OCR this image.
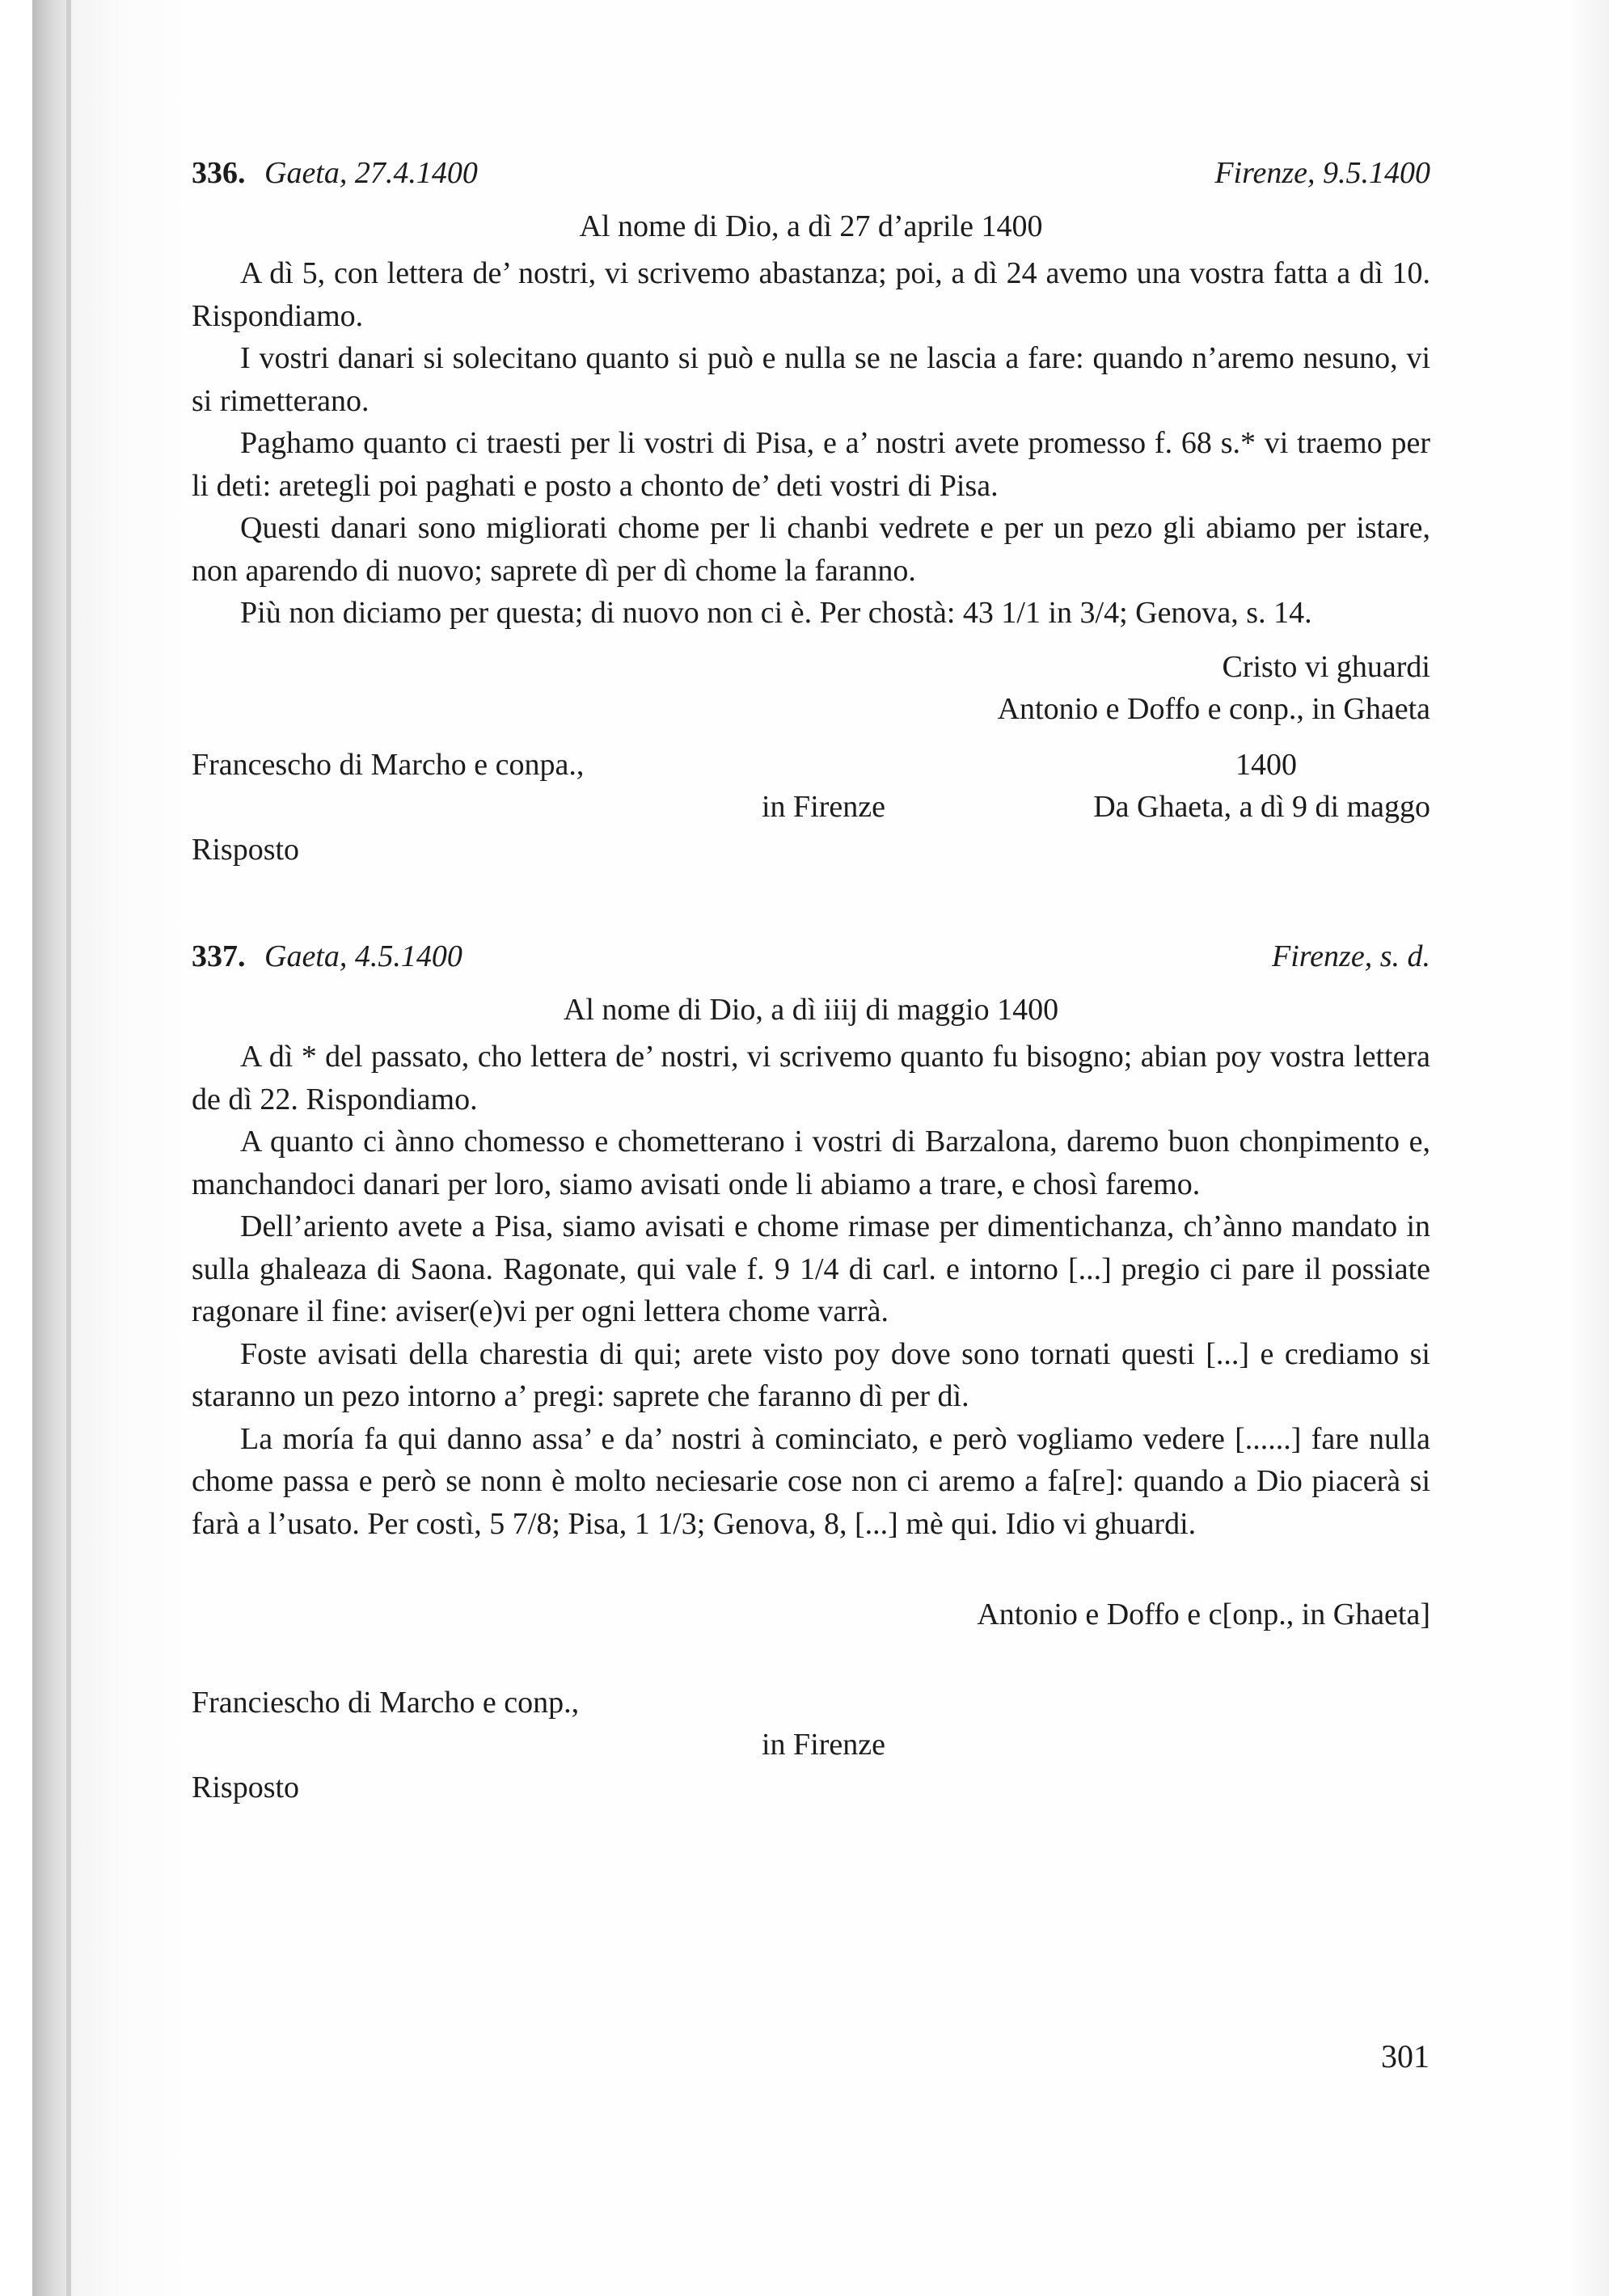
336. Gaeta, 27.4.1400	Firenze, 9.5.1400
Al nome di Dio, a dì 27 d’aprile 1400

A dì 5, con lettera de’ nostri, vi scrivemo abastanza; poi, a dì 24 avemo una vostra fatta a dì 10. Rispondiamo.

I vostri danari si solecitano quanto si può e nulla se ne lascia a fare: quando n’aremo nesuno, vi si rimetterano.

Paghamo quanto ci traesti per li vostri di Pisa, e a’ nostri avete promesso f. 68 s.* vi traemo per li deti: aretegli poi paghati e posto a chonto de’ deti vostri di Pisa.

Questi danari sono migliorati chome per li chanbi vedrete e per un pezo gli abiamo per istare, non aparendo di nuovo; saprete dì per dì chome la faranno.

Più non diciamo per questa; di nuovo non ci è. Per chostà: 43 1/1 in 3/4; Genova, s. 14.

Cristo vi ghuardi
Antonio e Doffo e conp., in Ghaeta
Franceschо di Marcho e conpa.,	1400
in Firenze	Da Ghaeta, a dì 9 di maggo
Risposto
337. Gaeta, 4.5.1400	Firenze, s. d.
Al nome di Dio, a dì iiij di maggio 1400

A dì * del passato, cho lettera de’ nostri, vi scrivemo quanto fu bisogno; abian poy vostra lettera de dì 22. Rispondiamo.

A quanto ci ànno chomesso e chometterano i vostri di Barzalona, daremo buon chonpimento e, manchandoci danari per loro, siamo avisati onde li abiamo a trare, e chosì faremo.

Dell’ariento avete a Pisa, siamo avisati e chome rimase per dimentichanza, ch’ànno mandato in sulla ghaleaza di Saona. Ragonate, qui vale f. 9 1/4 di carl. e intorno [...] pregio ci pare il possiate ragonare il fine: aviser(e)vi per ogni lettera chome varrà.

Foste avisati della charestia di qui; arete visto poy dove sono tornati questi [...] e crediamo si staranno un pezo intorno a’ pregi: saprete che faranno dì per dì.

La moría fa qui danno assa’ e da’ nostri à cominciato, e però vogliamo vedere [......] fare nulla chome passa e però se nonn è molto neciesarie cose non ci aremo a fa[re]: quando a Dio piacerà si farà a l’usato. Per costì, 5 7/8; Pisa, 1 1/3; Genova, 8, [...] mè qui. Idio vi ghuardi.

Antonio e Doffo e c[onp., in Ghaeta]
Franciescho di Marcho e conp.,
in Firenze
Risposto
301
